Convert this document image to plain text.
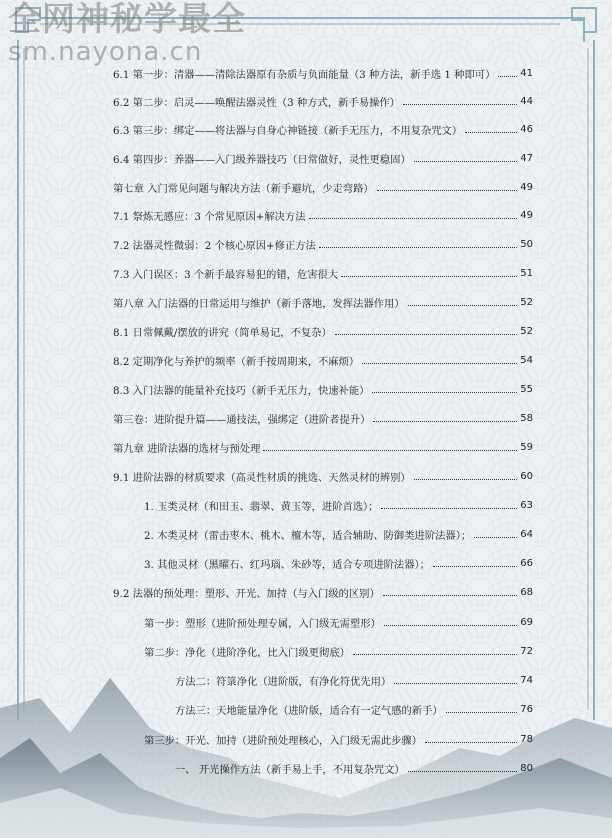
全网神秘学最全
sm.nayona.cn
6.1 第一步：清器——清除法器原有杂质与负面能量（3 种方法，新手选 1 种即可） 41
6.2 第二步：启灵——唤醒法器灵性（3 种方式，新手易操作）	44
6.3 第三步：绑定——将法器与自身心神链接（新手无压力，不用复杂咒文）	46
6.4 第四步：养器——入门级养器技巧（日常做好，灵性更稳固）	47
第七章 入门常见问题与解决方法（新手避坑，少走弯路）	49
7.1 祭炼无感应：3 个常见原因+解决方法	49
7.2 法器灵性微弱：2 个核心原因+修正方法	50
7.3 入门误区：3 个新手最容易犯的错，危害很大	51
第八章 入门法器的日常运用与维护（新手落地，发挥法器作用）	52
8.1 日常佩戴/摆放的讲究（简单易记，不复杂）	52
8.2 定期净化与养护的频率（新手按周期来，不麻烦）	54
8.3 入门法器的能量补充技巧（新手无压力，快速补能）	55
第三卷：进阶提升篇——通技法，强绑定（进阶者提升）	58
第九章 进阶法器的选材与预处理	59
9.1 进阶法器的材质要求（高灵性材质的挑选、天然灵材的辨别）	60
1. 玉类灵材（和田玉、翡翠、黄玉等，进阶首选）；	63
2. 木类灵材（雷击枣木、桃木、檀木等，适合辅助、防御类进阶法器）；	64
3. 其他灵材（黑曜石、红玛瑙、朱砂等，适合专项进阶法器）；	66
9.2 法器的预处理：塑形、开光、加持（与入门级的区别）	68
第一步：塑形（进阶预处理专属，入门级无需塑形）	69
第二步：净化（进阶净化，比入门级更彻底）	72
方法二：符箓净化（进阶版，有净化符优先用）	74
方法三：天地能量净化（进阶版，适合有一定气感的新手）	76
第三步：开光、加持（进阶预处理核心，入门级无需此步骤）	78
一、 开光操作方法（新手易上手，不用复杂咒文）	80
